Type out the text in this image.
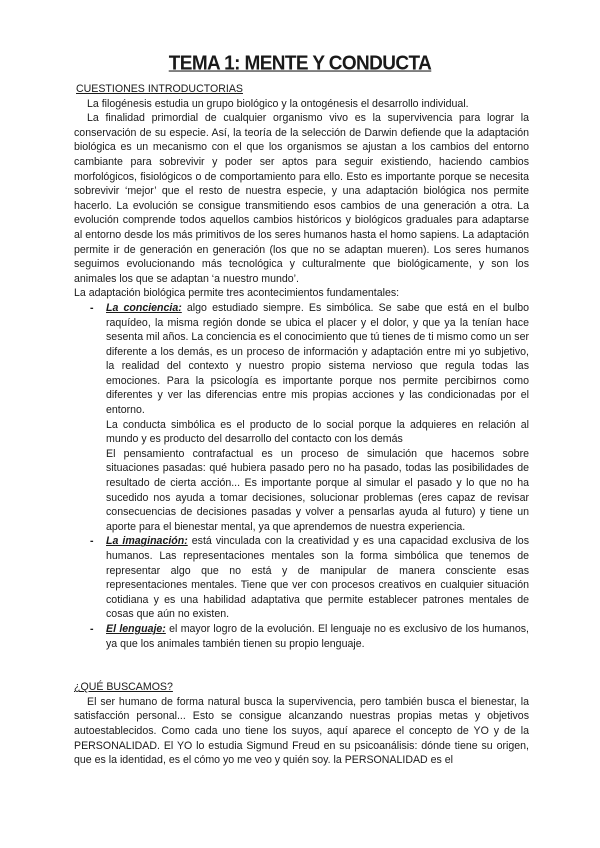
TEMA 1: MENTE Y CONDUCTA
CUESTIONES INTRODUCTORIAS

La filogénesis estudia un grupo biológico y la ontogénesis el desarrollo individual.

La finalidad primordial de cualquier organismo vivo es la supervivencia para lograr la conservación de su especie. Así, la teoría de la selección de Darwin defiende que la adaptación biológica es un mecanismo con el que los organismos se ajustan a los cambios del entorno cambiante para sobrevivir y poder ser aptos para seguir existiendo, haciendo cambios morfológicos, fisiológicos o de comportamiento para ello. Esto es importante porque se necesita sobrevivir ‘mejor’ que el resto de nuestra especie, y una adaptación biológica nos permite hacerlo. La evolución se consigue transmitiendo esos cambios de una generación a otra. La evolución comprende todos aquellos cambios históricos y biológicos graduales para adaptarse al entorno desde los más primitivos de los seres humanos hasta el homo sapiens. La adaptación permite ir de generación en generación (los que no se adaptan mueren). Los seres humanos seguimos evolucionando más tecnológica y culturalmente que biológicamente, y son los animales los que se adaptan ‘a nuestro mundo’.

La adaptación biológica permite tres acontecimientos fundamentales:

- La conciencia: algo estudiado siempre. Es simbólica. Se sabe que está en el bulbo raquídeo, la misma región donde se ubica el placer y el dolor, y que ya la tenían hace sesenta mil años. La conciencia es el conocimiento que tú tienes de ti mismo como un ser diferente a los demás, es un proceso de información y adaptación entre mi yo subjetivo, la realidad del contexto y nuestro propio sistema nervioso que regula todas las emociones. Para la psicología es importante porque nos permite percibirnos como diferentes y ver las diferencias entre mis propias acciones y las condicionadas por el entorno.

La conducta simbólica es el producto de lo social porque la adquieres en relación al mundo y es producto del desarrollo del contacto con los demás

El pensamiento contrafactual es un proceso de simulación que hacemos sobre situaciones pasadas: qué hubiera pasado pero no ha pasado, todas las posibilidades de resultado de cierta acción... Es importante porque al simular el pasado y lo que no ha sucedido nos ayuda a tomar decisiones, solucionar problemas (eres capaz de revisar consecuencias de decisiones pasadas y volver a pensarlas ayuda al futuro) y tiene un aporte para el bienestar mental, ya que aprendemos de nuestra experiencia.

- La imaginación: está vinculada con la creatividad y es una capacidad exclusiva de los humanos. Las representaciones mentales son la forma simbólica que tenemos de representar algo que no está y de manipular de manera consciente esas representaciones mentales. Tiene que ver con procesos creativos en cualquier situación cotidiana y es una habilidad adaptativa que permite establecer patrones mentales de cosas que aún no existen.

- El lenguaje: el mayor logro de la evolución. El lenguaje no es exclusivo de los humanos, ya que los animales también tienen su propio lenguaje.

¿QUÉ BUSCAMOS?

El ser humano de forma natural busca la supervivencia, pero también busca el bienestar, la satisfacción personal... Esto se consigue alcanzando nuestras propias metas y objetivos autoestablecidos. Como cada uno tiene los suyos, aquí aparece el concepto de YO y de la PERSONALIDAD. El YO lo estudia Sigmund Freud en su psicoanálisis: dónde tiene su origen, que es la identidad, es el cómo yo me veo y quién soy. la PERSONALIDAD es el
